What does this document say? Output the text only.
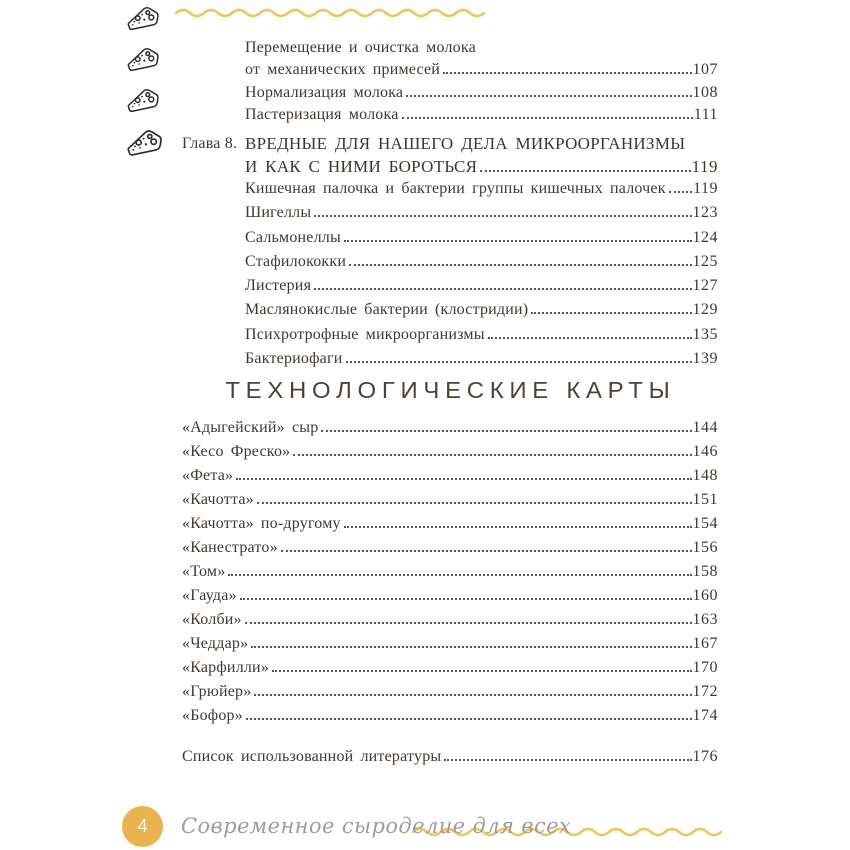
Перемещение и очистка молока
от механических примесей	107
Нормализация молока	108
Пастеризация молока	111
Глава 8. ВРЕДНЫЕ ДЛЯ НАШЕГО ДЕЛА МИКРООРГАНИЗМЫ
И КАК С НИМИ БОРОТЬСЯ	119
Кишечная палочка и бактерии группы кишечных палочек 119
Шигеллы	123
Сальмонеллы	124
Стафилококки	125
Листерия	127
Маслянокислые бактерии (клостридии)	129
Психротрофные микроорганизмы	135
Бактериофаги	139
ТЕХНОЛОГИЧЕСКИЕ КАРТЫ
«Адыгейский» сыр	144
«Кесо Фреско»	146
«Фета»	148
«Качотта»	151
«Качотта» по-другому	154
«Канестрато»	156
«Том»	158
«Гауда»	160
«Колби»	163
«Чеддар»	167
«Карфилли»	170
«Грюйер»	172
«Бофор»	174
Список использованной литературы	176
4 Современное сыроделие для всех
